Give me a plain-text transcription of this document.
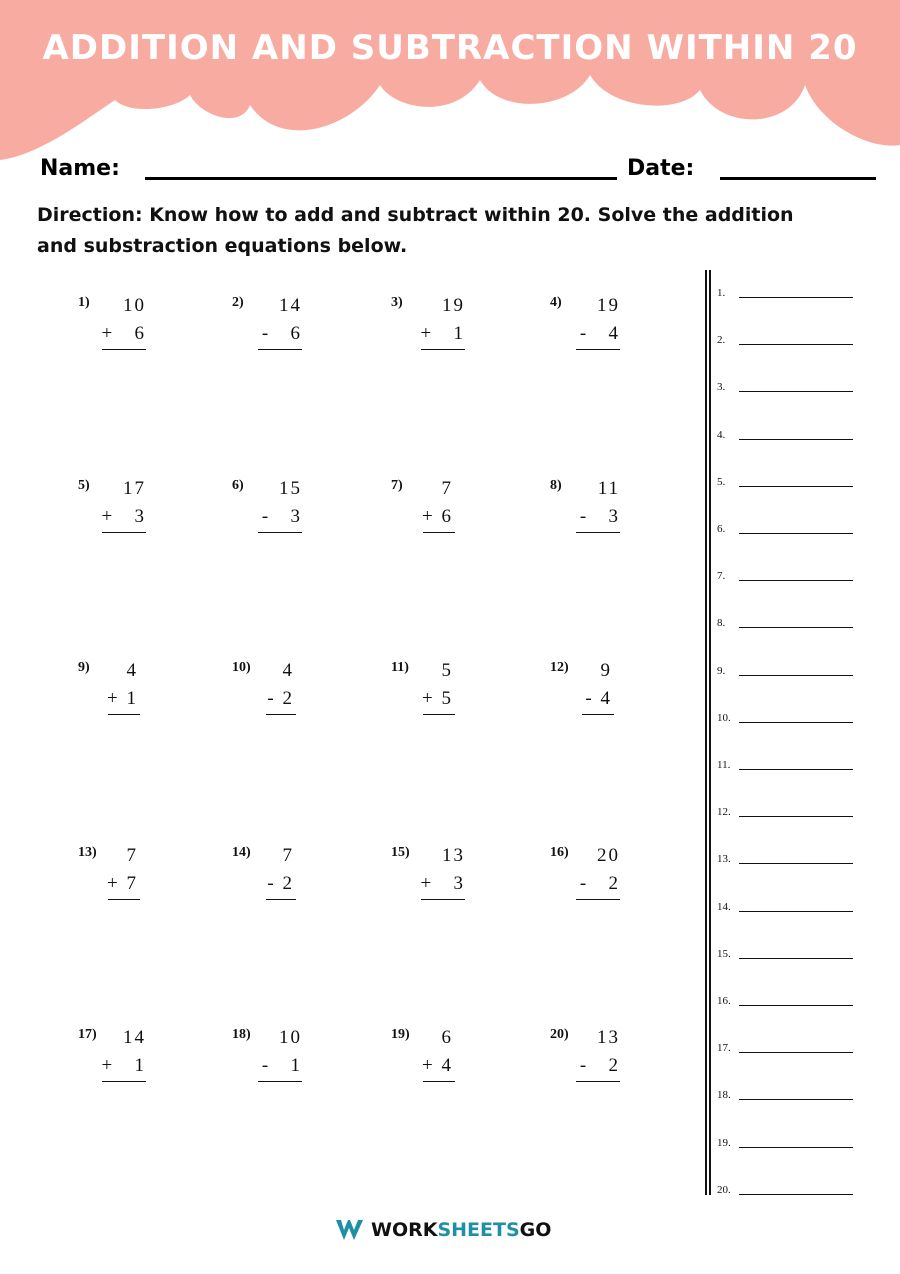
ADDITION AND SUBTRACTION WITHIN 20
Name:	Date:
Direction: Know how to add and subtract within 20. Solve the addition and substraction equations below.
1) 10
+   6
2) 14
-   6
3) 19
+   1
4) 19
-   4
5) 17
+   3
6) 15
-   3
7) 7
+ 6
8) 11
-   3
9) 4
+ 1
10) 4
- 2
11) 5
+ 5
12) 9
- 4
13) 7
+ 7
14) 7
- 2
15) 13
+   3
16) 20
-   2
17) 14
+   1
18) 10
-   1
19) 6
+ 4
20) 13
-   2
1.
2.
3.
4.
5.
6.
7.
8.
9.
10.
11.
12.
13.
14.
15.
16.
17.
18.
19.
20.
WORK SHEETS GO
